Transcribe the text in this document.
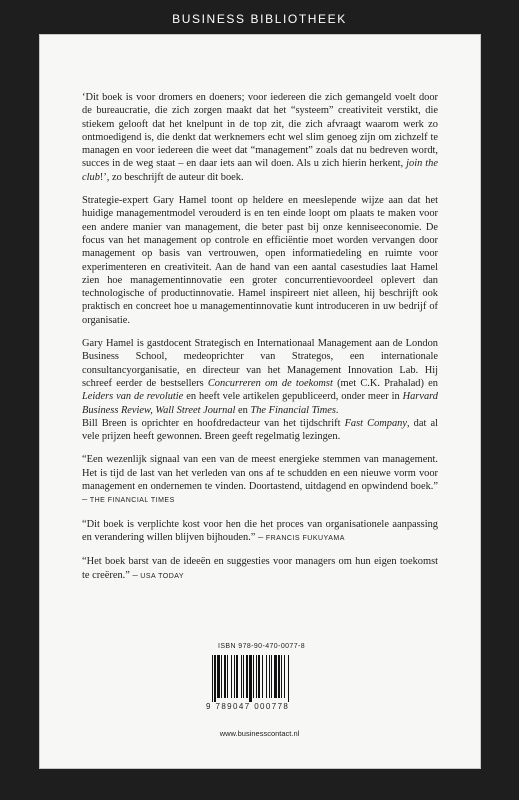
BUSINESS BIBLIOTHEEK

‘Dit boek is voor dromers en doeners; voor iedereen die zich gemangeld voelt door de bureaucratie, die zich zorgen maakt dat het “systeem” creativiteit verstikt, die stiekem gelooft dat het knelpunt in de top zit, die zich afvraagt waarom werk zo ontmoedigend is, die denkt dat werknemers echt wel slim genoeg zijn om zichzelf te managen en voor iedereen die weet dat “management” zoals dat nu bedreven wordt, succes in de weg staat – en daar iets aan wil doen. Als u zich hierin herkent, join the club!’, zo beschrijft de auteur dit boek.

Strategie-expert Gary Hamel toont op heldere en meeslepende wijze aan dat het huidige managementmodel verouderd is en ten einde loopt om plaats te maken voor een andere manier van management, die beter past bij onze kennisеeconomie. De focus van het management op controle en efficiëntie moet worden vervangen door management op basis van vertrouwen, open informatiedeling en ruimte voor experimenteren en creativiteit. Aan de hand van een aantal casestudies laat Hamel zien hoe managementinnovatie een groter concurrentievoordeel oplevert dan technologische of productinnovatie. Hamel inspireert niet alleen, hij beschrijft ook praktisch en concreet hoe u managementinnovatie kunt introduceren in uw bedrijf of organisatie.

Gary Hamel is gastdocent Strategisch en Internationaal Management aan de London Business School, medeoprichter van Strategos, een internationale consultancyorganisatie, en directeur van het Management Innovation Lab. Hij schreef eerder de bestsellers Concurreren om de toekomst (met C.K. Prahalad) en Leiders van de revolutie en heeft vele artikelen gepubliceerd, onder meer in Harvard Business Review, Wall Street Journal en The Financial Times.

Bill Breen is oprichter en hoofdredacteur van het tijdschrift Fast Company, dat al vele prijzen heeft gewonnen. Breen geeft regelmatig lezingen.

“Een wezenlijk signaal van een van de meest energieke stemmen van management. Het is tijd de last van het verleden van ons af te schudden en een nieuwe vorm voor management en ondernemen te vinden. Doortastend, uitdagend en opwindend boek.” – THE FINANCIAL TIMES

“Dit boek is verplichte kost voor hen die het proces van organisationele aanpassing en verandering willen blijven bijhouden.” – FRANCIS FUKUYAMA

“Het boek barst van de ideeën en suggesties voor managers om hun eigen toekomst te creëren.” – USA TODAY

ISBN 978-90-470-0077-8
9 789047 000778
www.businesscontact.nl
